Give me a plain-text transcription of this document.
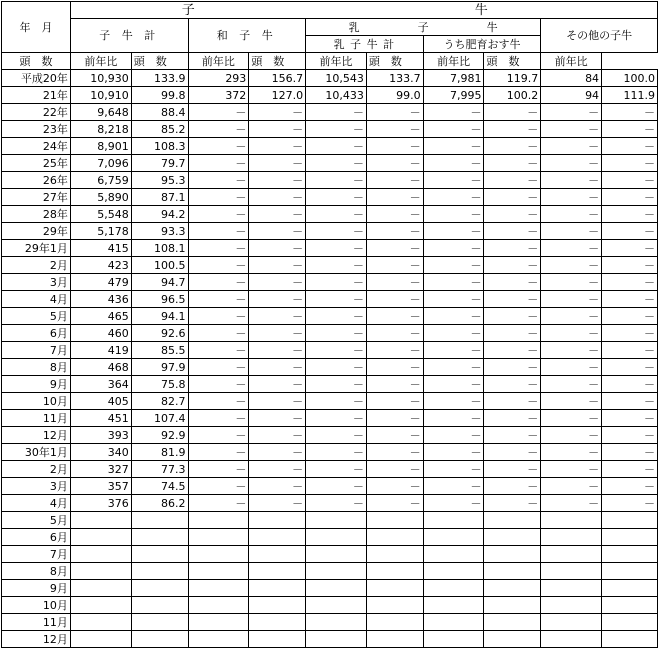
年　月	子				牛					
	子 牛 計		和 子 牛		乳 子 牛				その他の子牛	
					乳 子 牛 計		うち肥育おす牛			
頭　数	前年比	頭　数	前年比	頭　数	前年比	頭　数	前年比	頭　数	前年比	
平成20年	10,930	133.9	293	156.7	10,543	133.7	7,981	119.7	84	100.0
21年	10,910	99.8	372	127.0	10,433	99.0	7,995	100.2	94	111.9
22年	9,648	88.4	－	－	－	－	－	－	－	－
23年	8,218	85.2	－	－	－	－	－	－	－	－
24年	8,901	108.3	－	－	－	－	－	－	－	－
25年	7,096	79.7	－	－	－	－	－	－	－	－
26年	6,759	95.3	－	－	－	－	－	－	－	－
27年	5,890	87.1	－	－	－	－	－	－	－	－
28年	5,548	94.2	－	－	－	－	－	－	－	－
29年	5,178	93.3	－	－	－	－	－	－	－	－
29年1月	415	108.1	－	－	－	－	－	－	－	－
2月	423	100.5	－	－	－	－	－	－	－	－
3月	479	94.7	－	－	－	－	－	－	－	－
4月	436	96.5	－	－	－	－	－	－	－	－
5月	465	94.1	－	－	－	－	－	－	－	－
6月	460	92.6	－	－	－	－	－	－	－	－
7月	419	85.5	－	－	－	－	－	－	－	－
8月	468	97.9	－	－	－	－	－	－	－	－
9月	364	75.8	－	－	－	－	－	－	－	－
10月	405	82.7	－	－	－	－	－	－	－	－
11月	451	107.4	－	－	－	－	－	－	－	－
12月	393	92.9	－	－	－	－	－	－	－	－
30年1月	340	81.9	－	－	－	－	－	－	－	－
2月	327	77.3	－	－	－	－	－	－	－	－
3月	357	74.5	－	－	－	－	－	－	－	－
4月	376	86.2	－	－	－	－	－	－	－	－
5月										
6月										
7月										
8月										
9月										
10月										
11月										
12月										
